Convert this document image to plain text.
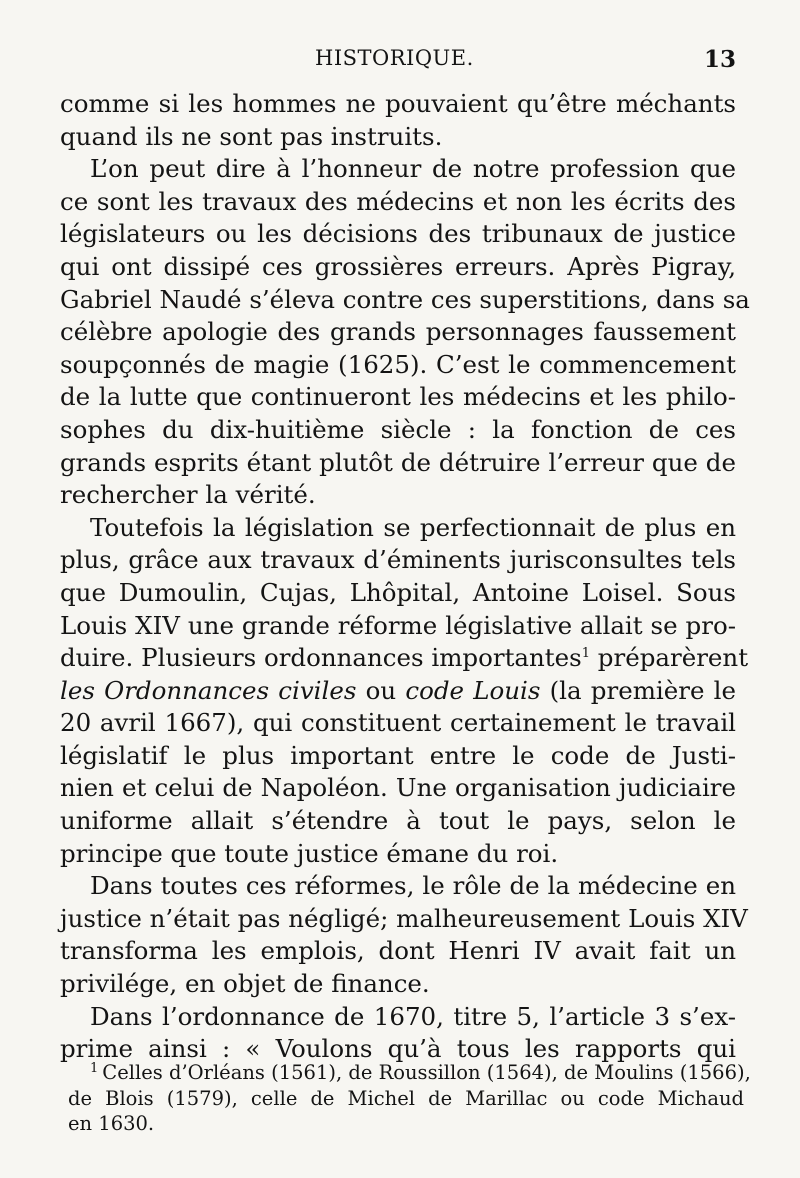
HISTORIQUE.	13

comme si les hommes ne pouvaient qu’être méchants
quand ils ne sont pas instruits.

L’on peut dire à l’honneur de notre profession que
ce sont les travaux des médecins et non les écrits des
législateurs ou les décisions des tribunaux de justice
qui ont dissipé ces grossières erreurs. Après Pigray,
Gabriel Naudé s’éleva contre ces superstitions, dans sa
célèbre apologie des grands personnages faussement
soupçonnés de magie (1625). C’est le commencement
de la lutte que continueront les médecins et les philo-
sophes du dix-huitième siècle : la fonction de ces
grands esprits étant plutôt de détruire l’erreur que de
rechercher la vérité.

Toutefois la législation se perfectionnait de plus en
plus, grâce aux travaux d’éminents jurisconsultes tels
que Dumoulin, Cujas, Lhôpital, Antoine Loisel. Sous
Louis XIV une grande réforme législative allait se pro-
duire. Plusieurs ordonnances importantes$^1$ préparèrent
les Ordonnances civiles ou code Louis (la première le
20 avril 1667), qui constituent certainement le travail
législatif le plus important entre le code de Justi-
nien et celui de Napoléon. Une organisation judiciaire
uniforme allait s’étendre à tout le pays, selon le
principe que toute justice émane du roi.

Dans toutes ces réformes, le rôle de la médecine en
justice n’était pas négligé; malheureusement Louis XIV
transforma les emplois, dont Henri IV avait fait un
privilége, en objet de finance.

Dans l’ordonnance de 1670, titre 5, l’article 3 s’ex-
prime ainsi : « Voulons qu’à tous les rapports qui

$^1$ Celles d’Orléans (1561), de Roussillon (1564), de Moulins (1566),
de Blois (1579), celle de Michel de Marillac ou code Michaud
en 1630.
